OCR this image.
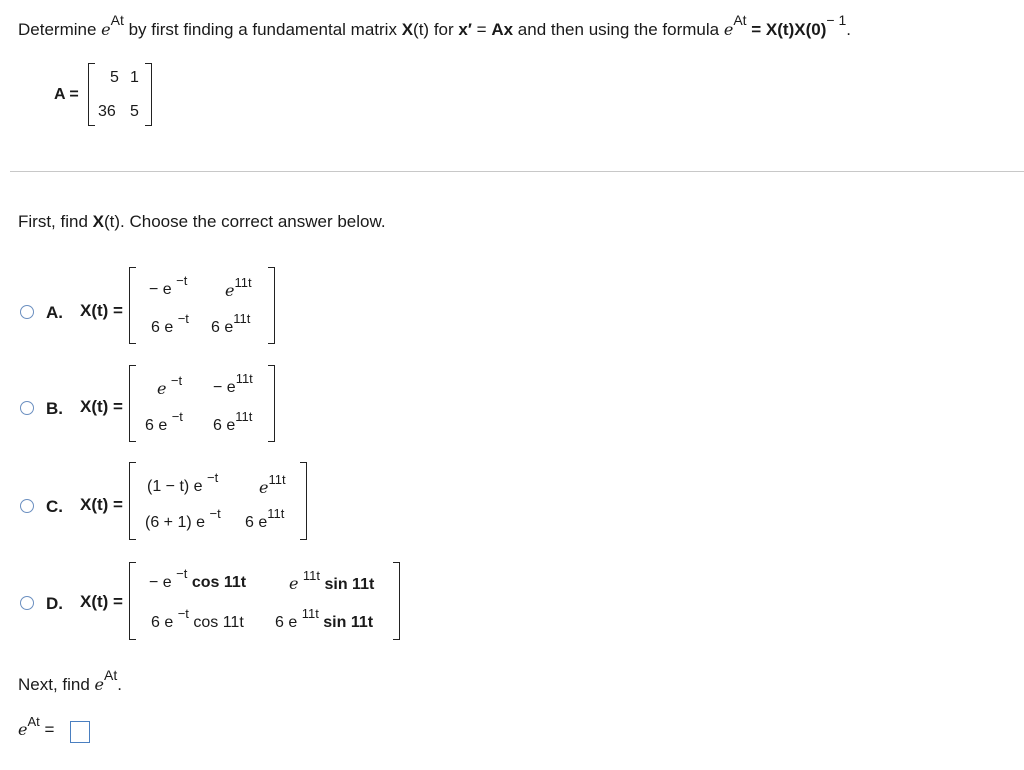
Determine $e^{At}$ by first finding a fundamental matrix X(t) for x′ = Ax and then using the formula $e^{At} = X(t)X(0)^{- 1}$.
A =
5 1
36 5
First, find X(t). Choose the correct answer below.
A. X(t) =
− e $^{-t}$
$e^{11t}$
6 e $^{-t}$
6 $e^{11t}$
B. X(t) =
e $^{-t} - e^{11t}$
6 e $^{-t}$
6 $e^{11t}$
C. X(t) =
(1 − t) e $^{-t}$
$e^{11t}$
(6 + 1) e $^{-t}$
6 $e^{11t}$
D. X(t) =
− e $^{-t}$ cos 11t	e $^{11t}$ sin 11t
6 e $^{-t}$ cos 11t 6 e $^{11t}$ sin 11t
Next, find $e^{At}$.
$e^{At}$ =
